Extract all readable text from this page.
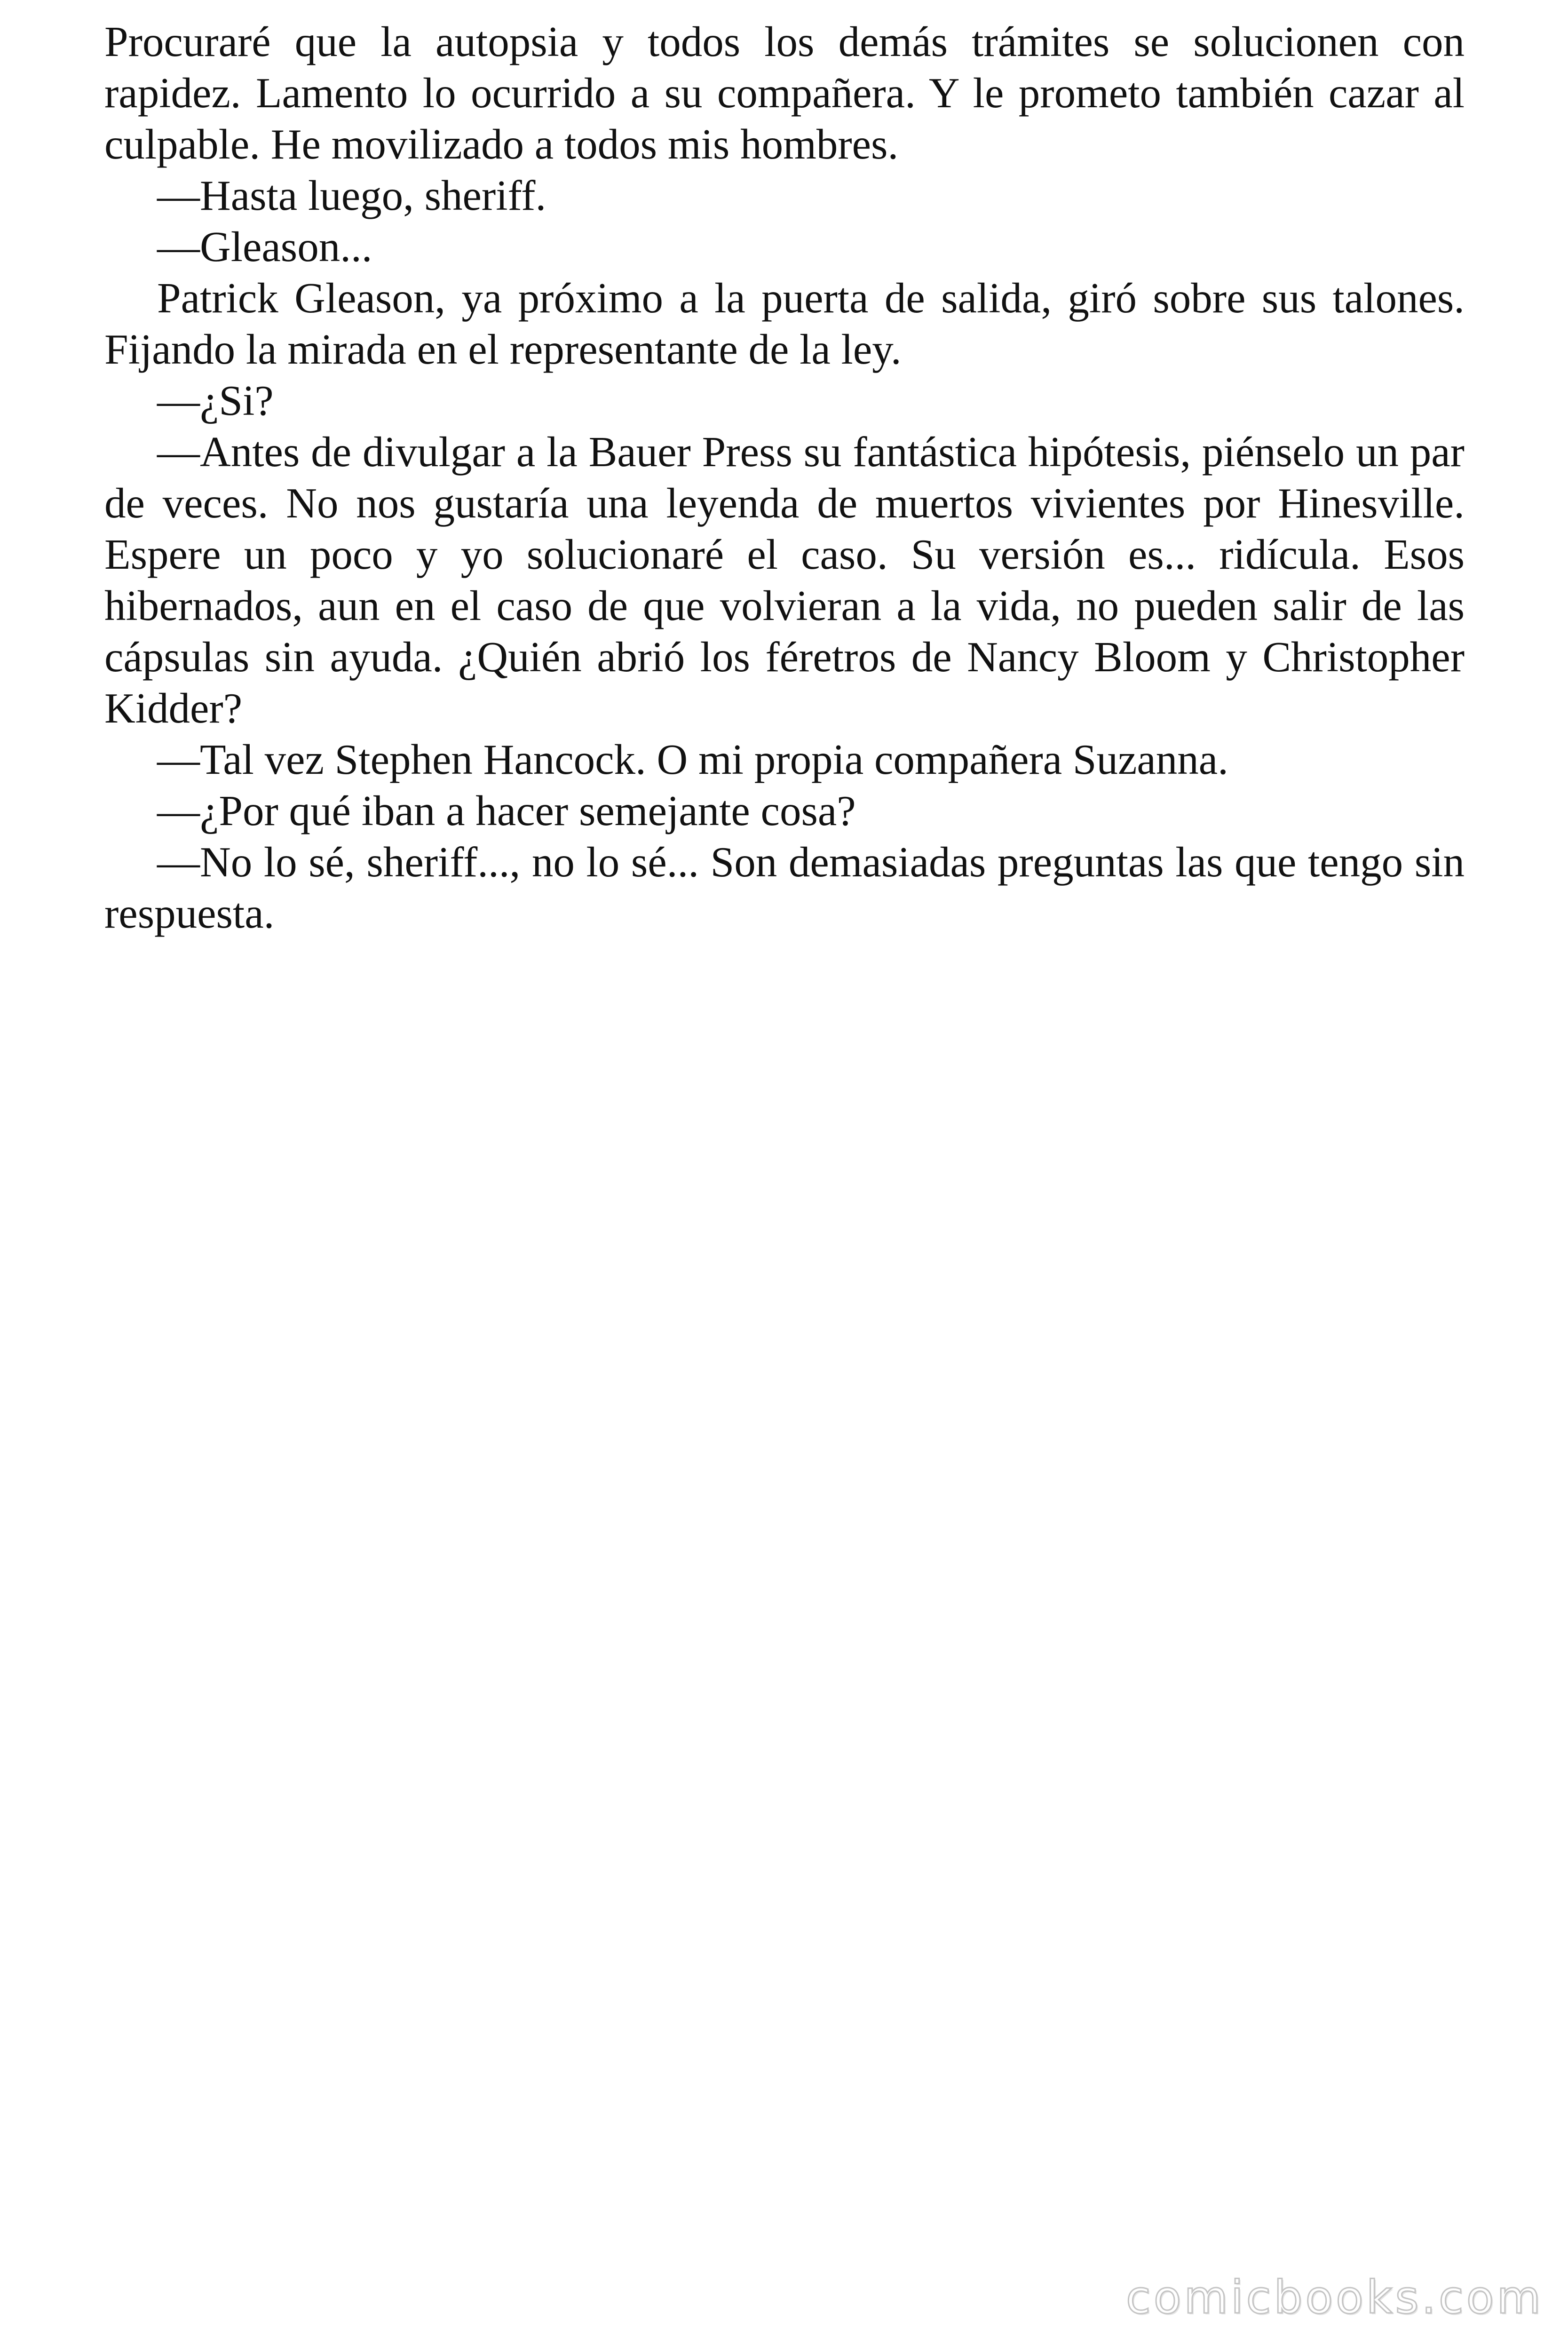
Procuraré que la autopsia y todos los demás trámites se solucionen con rapidez. Lamento lo ocurrido a su compañera. Y le prometo también cazar al culpable. He movilizado a todos mis hombres.

—Hasta luego, sheriff.

—Gleason...

Patrick Gleason, ya próximo a la puerta de salida, giró sobre sus talones. Fijando la mirada en el representante de la ley.

—¿Si?

—Antes de divulgar a la Bauer Press su fantástica hipótesis, piénselo un par de veces. No nos gustaría una leyenda de muertos vivientes por Hinesville. Espere un poco y yo solucionaré el caso. Su versión es... ridícula. Esos hibernados, aun en el caso de que volvieran a la vida, no pueden salir de las cápsulas sin ayuda. ¿Quién abrió los féretros de Nancy Bloom y Christopher Kidder?

—Tal vez Stephen Hancock. O mi propia compañera Suzanna.

—¿Por qué iban a hacer semejante cosa?

—No lo sé, sheriff..., no lo sé... Son demasiadas preguntas las que tengo sin respuesta.

comicbooks.com
